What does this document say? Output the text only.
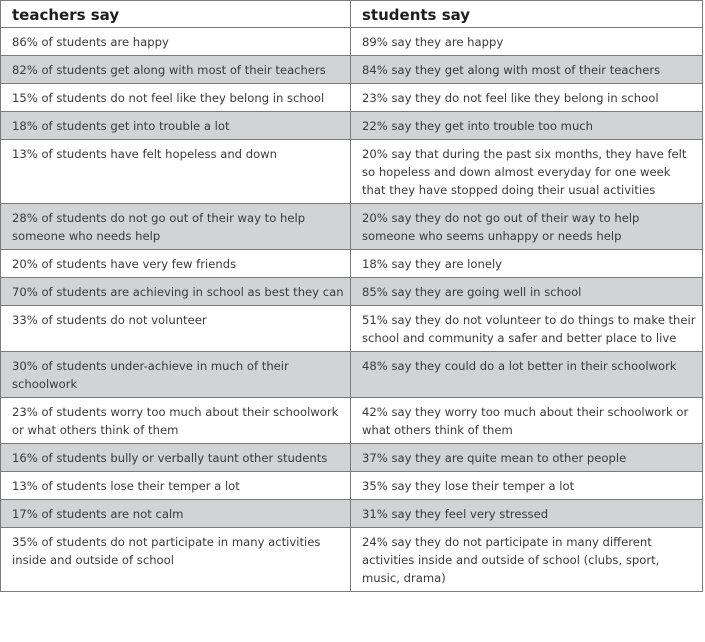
teachers say	students say
86% of students are happy	89% say they are happy
82% of students get along with most of their teachers	84% say they get along with most of their teachers
15% of students do not feel like they belong in school	23% say they do not feel like they belong in school
18% of students get into trouble a lot	22% say they get into trouble too much
13% of students have felt hopeless and down	20% say that during the past six months, they have felt so hopeless and down almost everyday for one week that they have stopped doing their usual activities
28% of students do not go out of their way to help someone who needs help	20% say they do not go out of their way to help someone who seems unhappy or needs help
20% of students have very few friends	18% say they are lonely
70% of students are achieving in school as best they can	85% say they are going well in school
33% of students do not volunteer	51% say they do not volunteer to do things to make their school and community a safer and better place to live
30% of students under-achieve in much of their schoolwork	48% say they could do a lot better in their schoolwork
23% of students worry too much about their schoolwork or what others think of them	42% say they worry too much about their schoolwork or what others think of them
16% of students bully or verbally taunt other students	37% say they are quite mean to other people
13% of students lose their temper a lot	35% say they lose their temper a lot
17% of students are not calm	31% say they feel very stressed
35% of students do not participate in many activities inside and outside of school	24% say they do not participate in many different activities inside and outside of school (clubs, sport, music, drama)
